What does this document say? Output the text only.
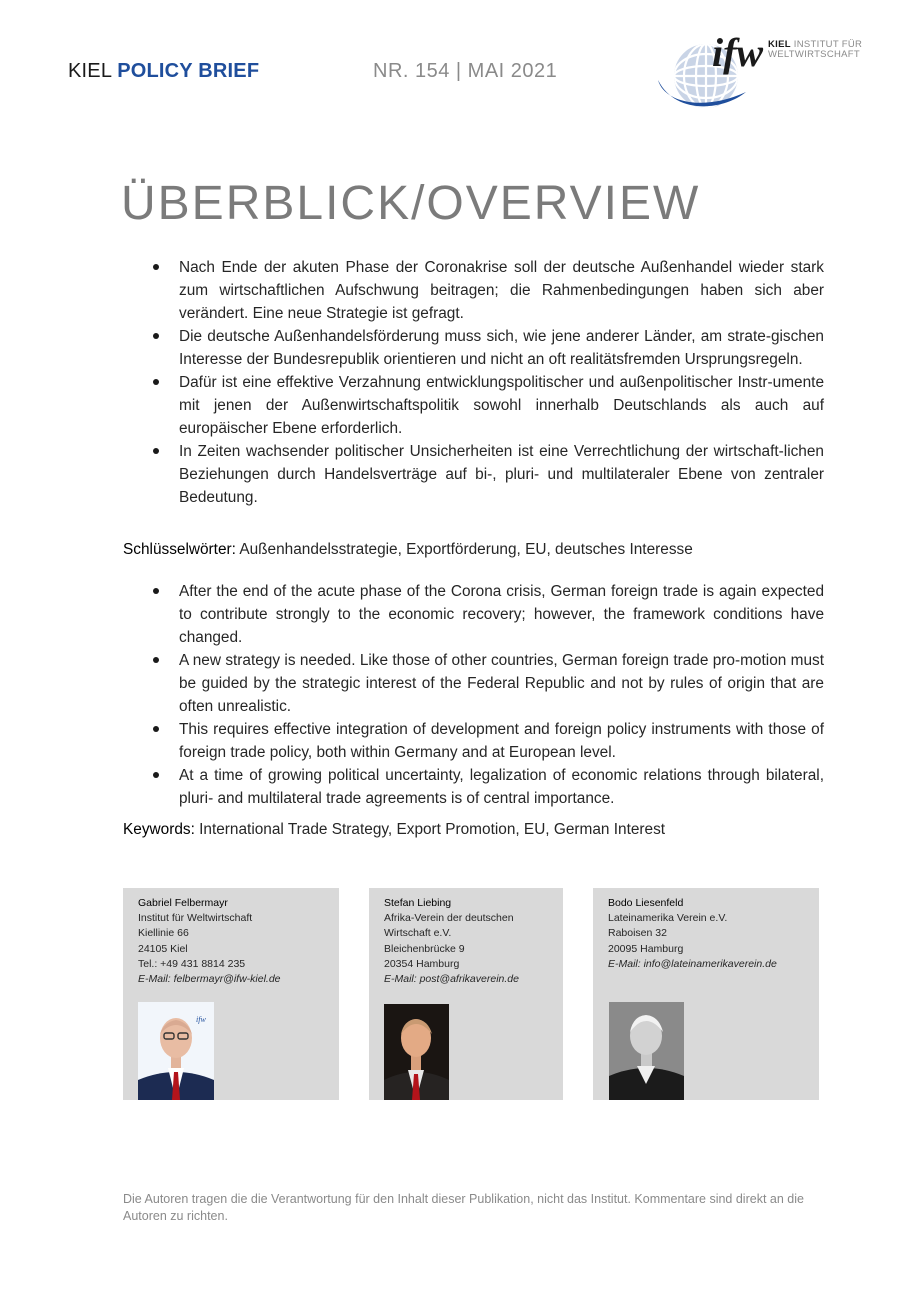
KIEL POLICY BRIEF	NR. 154 | MAI 2021	ifw KIEL INSTITUT FÜR
WELTWIRTSCHAFT
ÜBERBLICK/OVERVIEW
Nach Ende der akuten Phase der Coronakrise soll der deutsche Außenhandel wieder stark zum wirtschaftlichen Aufschwung beitragen; die Rahmenbedingungen haben sich aber verändert. Eine neue Strategie ist gefragt.
Die deutsche Außenhandelsförderung muss sich, wie jene anderer Länder, am strate-gischen Interesse der Bundesrepublik orientieren und nicht an oft realitätsfremden Ursprungsregeln.
Dafür ist eine effektive Verzahnung entwicklungspolitischer und außenpolitischer Instr-umente mit jenen der Außenwirtschaftspolitik sowohl innerhalb Deutschlands als auch auf europäischer Ebene erforderlich.
In Zeiten wachsender politischer Unsicherheiten ist eine Verrechtlichung der wirtschaft-lichen Beziehungen durch Handelsverträge auf bi-, pluri- und multilateraler Ebene von zentraler Bedeutung.
Schlüsselwörter: Außenhandelsstrategie, Exportförderung, EU, deutsches Interesse
After the end of the acute phase of the Corona crisis, German foreign trade is again expected to contribute strongly to the economic recovery; however, the framework conditions have changed.
A new strategy is needed. Like those of other countries, German foreign trade pro-motion must be guided by the strategic interest of the Federal Republic and not by rules of origin that are often unrealistic.
This requires effective integration of development and foreign policy instruments with those of foreign trade policy, both within Germany and at European level.
At a time of growing political uncertainty, legalization of economic relations through bilateral, pluri- and multilateral trade agreements is of central importance.
Keywords: International Trade Strategy, Export Promotion, EU, German Interest
Gabriel Felbermayr
Institut für Weltwirtschaft
Kiellinie 66
24105 Kiel
Tel.: +49 431 8814 235
E-Mail: felbermayr@ifw-kiel.de
ifw
Stefan Liebing
Afrika-Verein der deutschen
Wirtschaft e.V.
Bleichenbrücke 9
20354 Hamburg
E-Mail: post@afrikaverein.de
Bodo Liesenfeld
Lateinamerika Verein e.V.
Raboisen 32
20095 Hamburg
E-Mail: info@lateinamerikaverein.de
Die Autoren tragen die die Verantwortung für den Inhalt dieser Publikation, nicht das Institut. Kommentare sind direkt an die Autoren zu richten.
